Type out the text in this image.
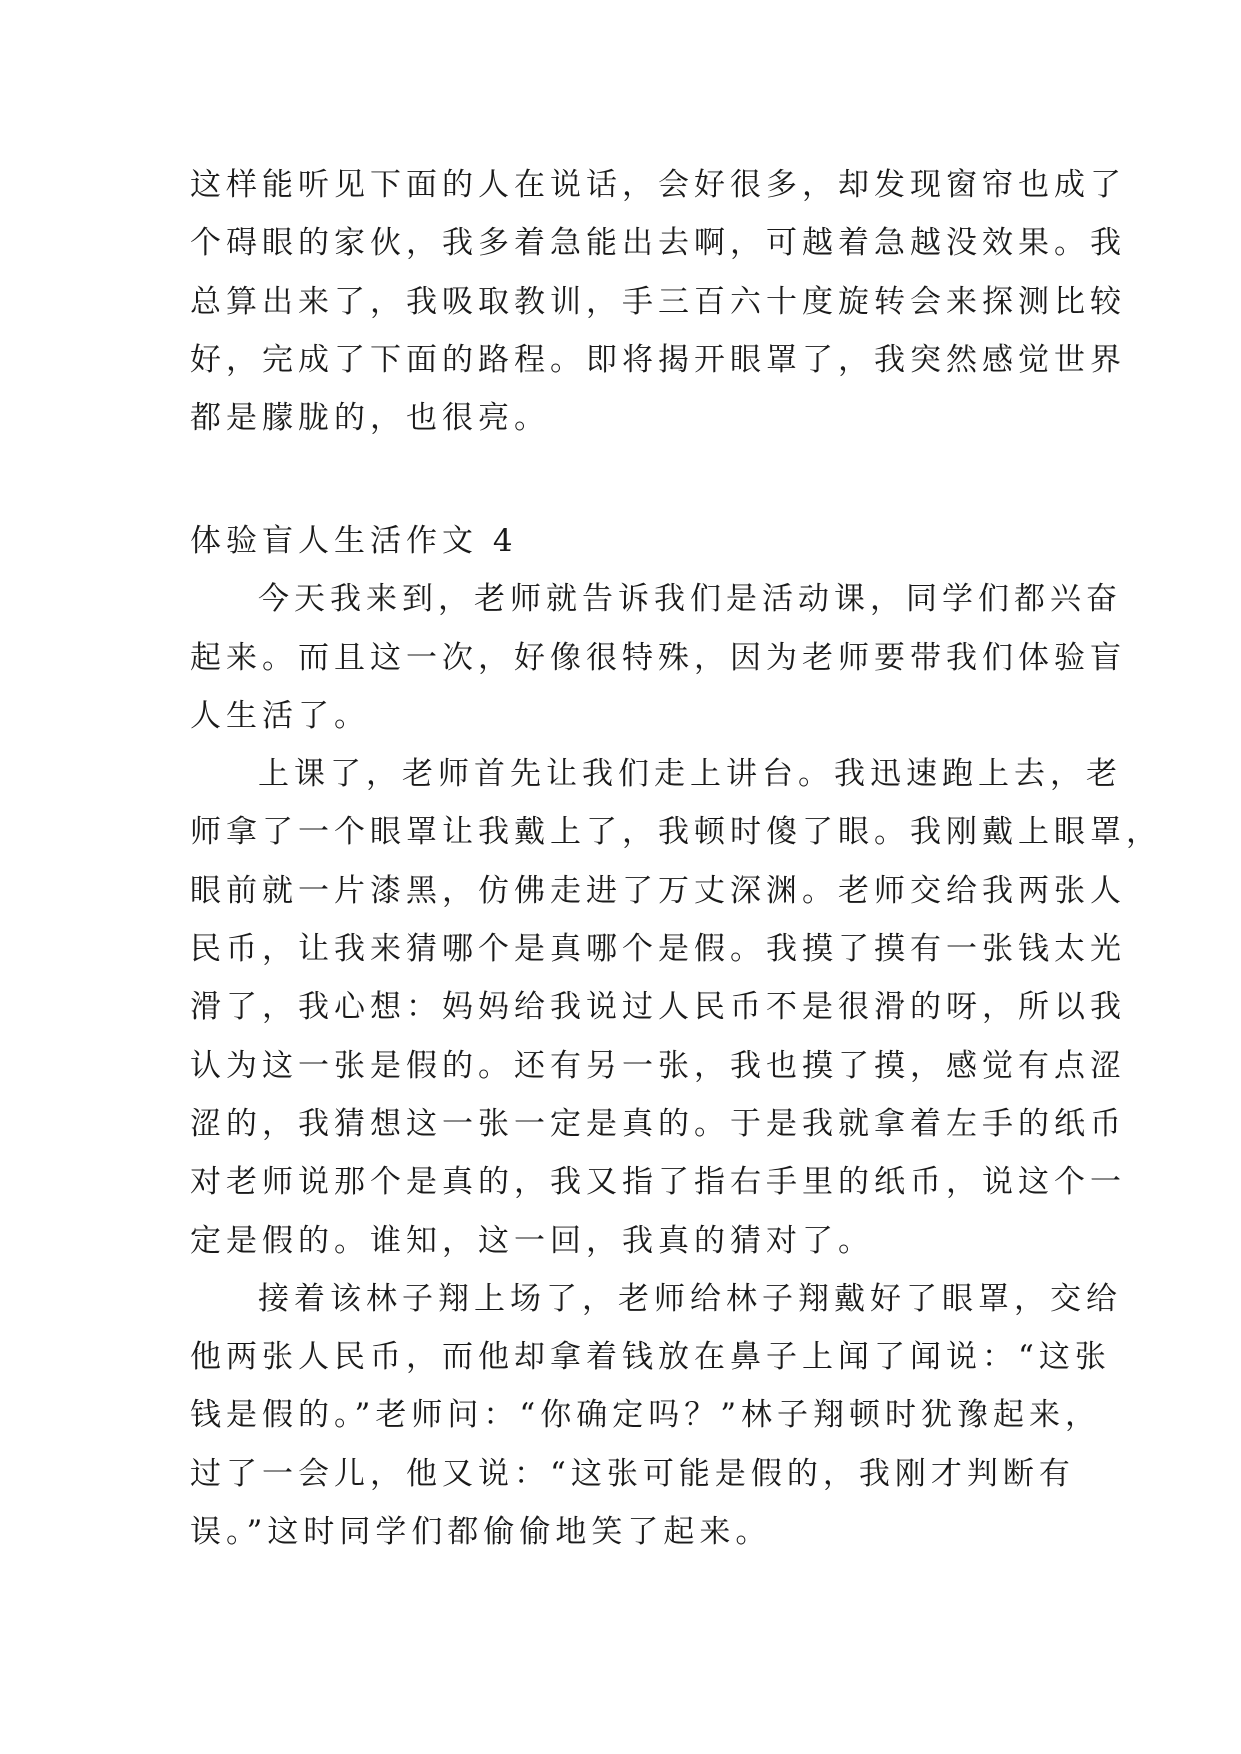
这样能听见下面的人在说话，会好很多，却发现窗帘也成了
个碍眼的家伙，我多着急能出去啊，可越着急越没效果。我
总算出来了，我吸取教训，手三百六十度旋转会来探测比较
好，完成了下面的路程。即将揭开眼罩了，我突然感觉世界
都是朦胧的，也很亮。
体验盲人生活作文 4
今天我来到，老师就告诉我们是活动课，同学们都兴奋
起来。而且这一次，好像很特殊，因为老师要带我们体验盲
人生活了。
上课了，老师首先让我们走上讲台。我迅速跑上去，老
师拿了一个眼罩让我戴上了，我顿时傻了眼。我刚戴上眼罩，
眼前就一片漆黑，仿佛走进了万丈深渊。老师交给我两张人
民币，让我来猜哪个是真哪个是假。我摸了摸有一张钱太光
滑了，我心想：妈妈给我说过人民币不是很滑的呀，所以我
认为这一张是假的。还有另一张，我也摸了摸，感觉有点涩
涩的，我猜想这一张一定是真的。于是我就拿着左手的纸币
对老师说那个是真的，我又指了指右手里的纸币，说这个一
定是假的。谁知，这一回，我真的猜对了。
接着该林子翔上场了，老师给林子翔戴好了眼罩，交给
他两张人民币，而他却拿着钱放在鼻子上闻了闻说：“这张
钱是假的。”老师问：“你确定吗？”林子翔顿时犹豫起来，
过了一会儿，他又说：“这张可能是假的，我刚才判断有
误。”这时同学们都偷偷地笑了起来。
